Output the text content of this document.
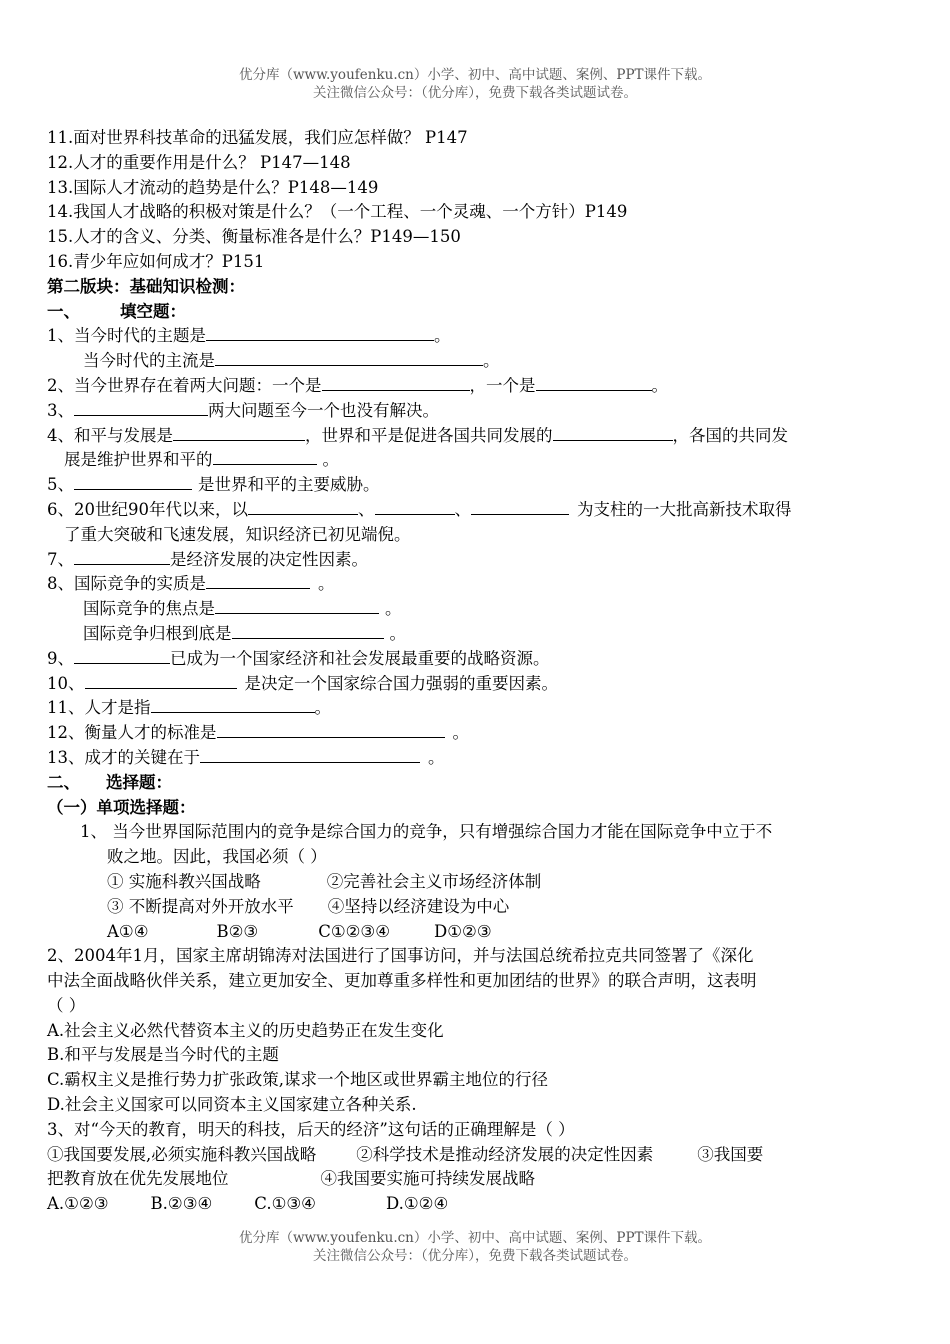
优分库（www.youfenku.cn）小学、初中、高中试题、案例、PPT课件下载。
关注微信公众号：（优分库），免费下载各类试题试卷。
11.面对世界科技革命的迅猛发展，我们应怎样做？ P147
12.人才的重要作用是什么？ P147—148
13.国际人才流动的趋势是什么？P148—149
14.我国人才战略的积极对策是什么？（一个工程、一个灵魂、一个方针）P149
15.人才的含义、分类、衡量标准各是什么？P149—150
16.青少年应如何成才？P151
第二版块：基础知识检测：
一、 填空题：
1、当今时代的主题是	。
当今时代的主流是	。
2、当今世界存在着两大问题：一个是	，一个是	。
3、	两大问题至今一个也没有解决。
4、和平与发展是	，世界和平是促进各国共同发展的	，各国的共同发
展是维护世界和平的	。
5、	是世界和平的主要威胁。
6、20世纪90年代以来，以	、	、	为支柱的一大批高新技术取得
了重大突破和飞速发展，知识经济已初见端倪。
7、	是经济发展的决定性因素。
8、国际竞争的实质是	。
国际竞争的焦点是	。
国际竞争归根到底是	。
9、	已成为一个国家经济和社会发展最重要的战略资源。
10、	是决定一个国家综合国力强弱的重要因素。
11、人才是指	。
12、衡量人才的标准是	。
13、成才的关键在于	。
二、 选择题：
（一）单项选择题：
1、 当今世界国际范围内的竞争是综合国力的竞争，只有增强综合国力才能在国际竞争中立于不
败之地。因此，我国必须（ ）
① 实施科教兴国战略	②完善社会主义市场经济体制
③ 不断提高对外开放水平 ④坚持以经济建设为中心
A①④	B②③	C①②③④	D①②③
2、2004年1月，国家主席胡锦涛对法国进行了国事访问，并与法国总统希拉克共同签署了《深化
中法全面战略伙伴关系，建立更加安全、更加尊重多样性和更加团结的世界》的联合声明，这表明
（ ）
A.社会主义必然代替资本主义的历史趋势正在发生变化
B.和平与发展是当今时代的主题
C.霸权主义是推行势力扩张政策,谋求一个地区或世界霸主地位的行径
D.社会主义国家可以同资本主义国家建立各种关系.
3、对“今天的教育，明天的科技，后天的经济”这句话的正确理解是（ ）
①我国要发展,必须实施科教兴国战略 ②科学技术是推动经济发展的决定性因素	③我国要
把教育放在优先发展地位	④我国要实施可持续发展战略
A.①②③	B.②③④	C.①③④	D.①②④
优分库（www.youfenku.cn）小学、初中、高中试题、案例、PPT课件下载。
关注微信公众号：（优分库），免费下载各类试题试卷。
